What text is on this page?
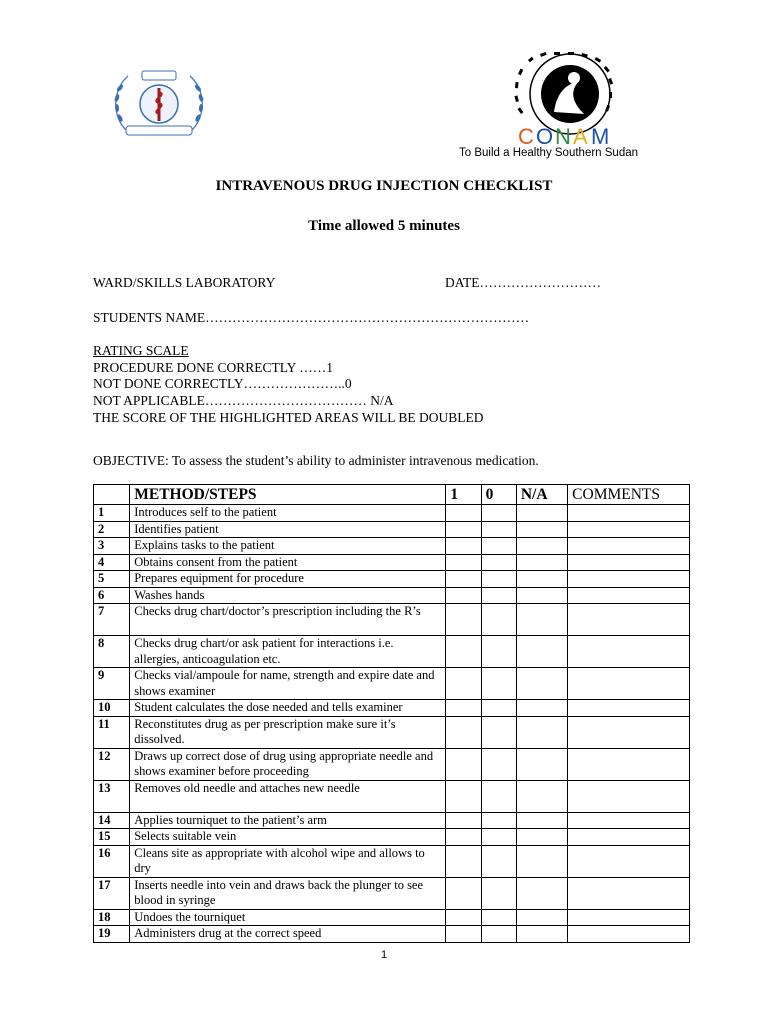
C O N A M
To Build a Healthy Southern Sudan
INTRAVENOUS DRUG INJECTION CHECKLIST
Time allowed 5 minutes
WARD/SKILLS LABORATORY	DATE………………………
STUDENTS NAME………………………………………………………………
RATING SCALE
PROCEDURE DONE CORRECTLY ……1
NOT DONE CORRECTLY…………………..0
NOT APPLICABLE……………………………… N/A
THE SCORE OF THE HIGHLIGHTED AREAS WILL BE DOUBLED
OBJECTIVE: To assess the student’s ability to administer intravenous medication.
	METHOD/STEPS	1	0	N/A	COMMENTS
1	Introduces self to the patient				
2	Identifies patient				
3	Explains tasks to the patient				
4	Obtains consent from the patient				
5	Prepares equipment for procedure				
6	Washes hands				
7	Checks drug chart/doctor’s prescription including the R’s				
8	Checks drug chart/or ask patient for interactions i.e. allergies, anticoagulation etc.				
9	Checks vial/ampoule for name, strength and expire date and shows examiner				
10	Student calculates the dose needed and tells examiner				
11	Reconstitutes drug as per prescription make sure it’s dissolved.				
12	Draws up correct dose of drug using appropriate needle and shows examiner before proceeding				
13	Removes old needle and attaches new needle				
14	Applies tourniquet to the patient’s arm				
15	Selects suitable vein				
16	Cleans site as appropriate with alcohol wipe and allows to dry				
17	Inserts needle into vein and draws back the plunger to see blood in syringe				
18	Undoes the tourniquet				
19	Administers drug at the correct speed				
1
